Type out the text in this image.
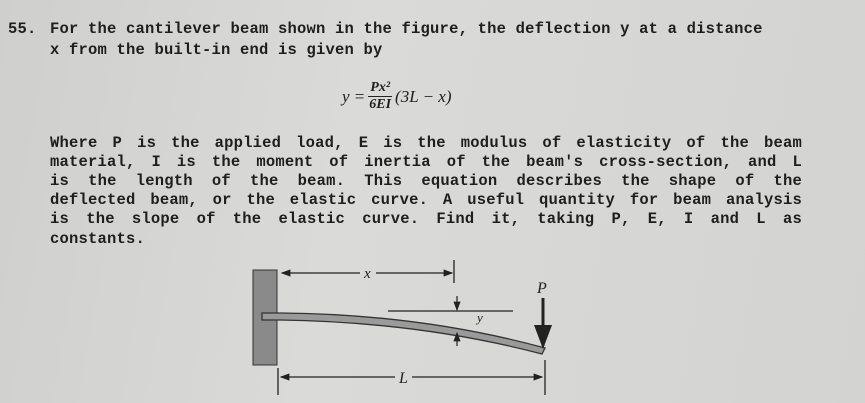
55. For the cantilever beam shown in the figure, the deflection y at a distance
x from the built-in end is given by
$y = \frac{\text{Px²}}{6EI} (3L - x)$
Where P is the applied load, E is the modulus of elasticity of the beam
material, I is the moment of inertia of the beam's cross-section, and L
is the length of the beam. This equation describes the shape of the
deflected beam, or the elastic curve. A useful quantity for beam analysis
is the slope of the elastic curve. Find it, taking P, E, I and L as
constants.
x
P
y
L
